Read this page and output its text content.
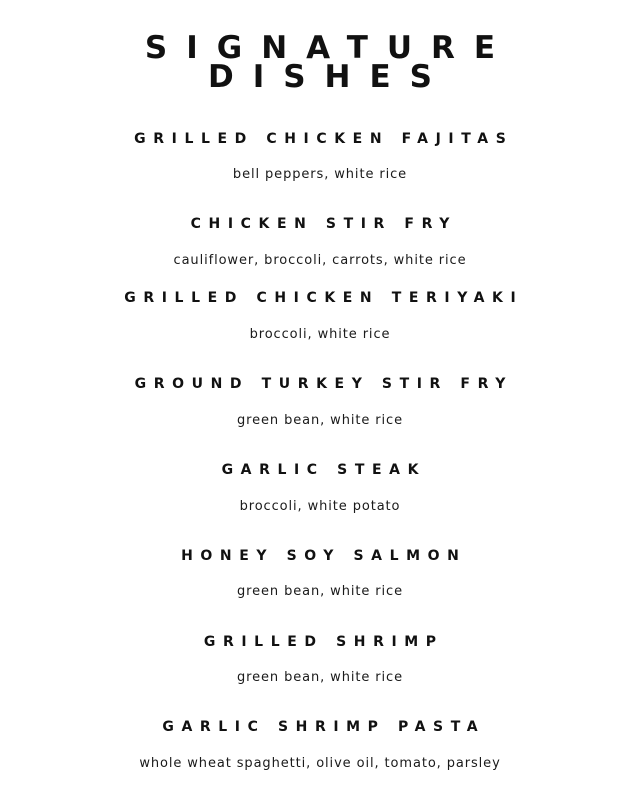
SIGNATURE
DISHES
GRILLED CHICKEN FAJITAS
bell peppers, white rice
CHICKEN STIR FRY
cauliflower, broccoli, carrots, white rice
GRILLED CHICKEN TERIYAKI
broccoli, white rice
GROUND TURKEY STIR FRY
green bean, white rice
GARLIC STEAK
broccoli, white potato
HONEY SOY SALMON
green bean, white rice
GRILLED SHRIMP
green bean, white rice
GARLIC SHRIMP PASTA
whole wheat spaghetti, olive oil, tomato, parsley
